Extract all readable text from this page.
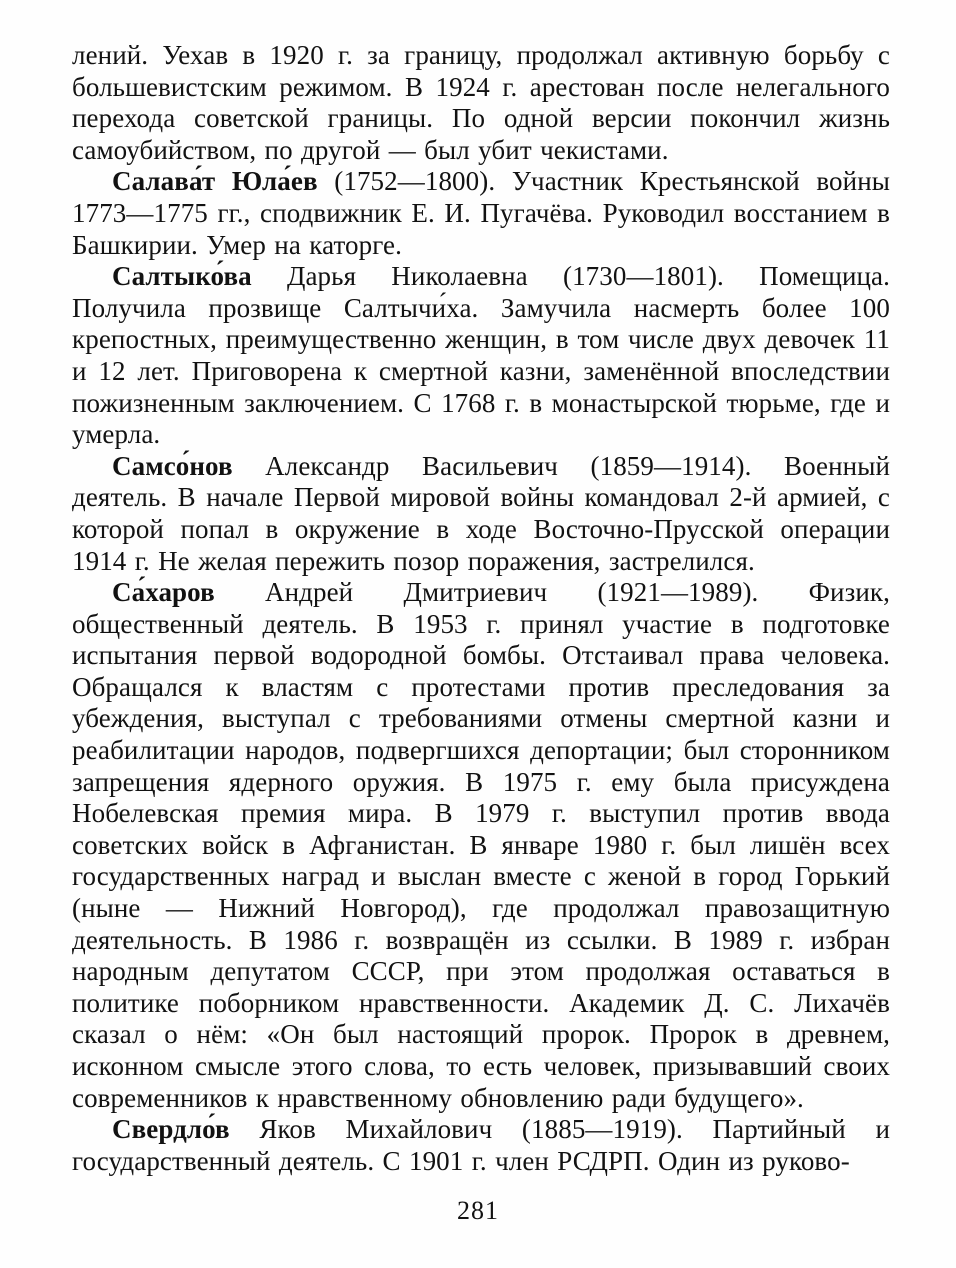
лений. Уехав в 1920 г. за границу, продолжал активную борьбу с большевистским режимом. В 1924 г. арестован после нелегального перехода советской границы. По одной версии покончил жизнь самоубийством, по другой — был убит чекистами.

Салава́т Юла́ев (1752—1800). Участник Крестьянской войны 1773—1775 гг., сподвижник Е. И. Пугачёва. Руководил восстанием в Башкирии. Умер на каторге.

Салтыко́ва Дарья Николаевна (1730—1801). Помещица. Получила прозвище Салтычи́ха. Замучила насмерть более 100 крепостных, преимущественно женщин, в том числе двух девочек 11 и 12 лет. Приговорена к смертной казни, заменённой впоследствии пожизненным заключением. С 1768 г. в монастырской тюрьме, где и умерла.

Самсо́нов Александр Васильевич (1859—1914). Военный деятель. В начале Первой мировой войны командовал 2-й армией, с которой попал в окружение в ходе Восточно-Прусской операции 1914 г. Не желая пережить позор поражения, застрелился.

Са́харов Андрей Дмитриевич (1921—1989). Физик, общественный деятель. В 1953 г. принял участие в подготовке испытания первой водородной бомбы. Отстаивал права человека. Обращался к властям с протестами против преследования за убеждения, выступал с требованиями отмены смертной казни и реабилитации народов, подвергшихся депортации; был сторонником запрещения ядерного оружия. В 1975 г. ему была присуждена Нобелевская премия мира. В 1979 г. выступил против ввода советских войск в Афганистан. В январе 1980 г. был лишён всех государственных наград и выслан вместе с женой в город Горький (ныне — Нижний Новгород), где продолжал правозащитную деятельность. В 1986 г. возвращён из ссылки. В 1989 г. избран народным депутатом СССР, при этом продолжая оставаться в политике поборником нравственности. Академик Д. С. Лихачёв сказал о нём: «Он был настоящий пророк. Пророк в древнем, исконном смысле этого слова, то есть человек, призывавший своих современников к нравственному обновлению ради будущего».

Свердло́в Яков Михайлович (1885—1919). Партийный и государственный деятель. С 1901 г. член РСДРП. Один из руково-

281
